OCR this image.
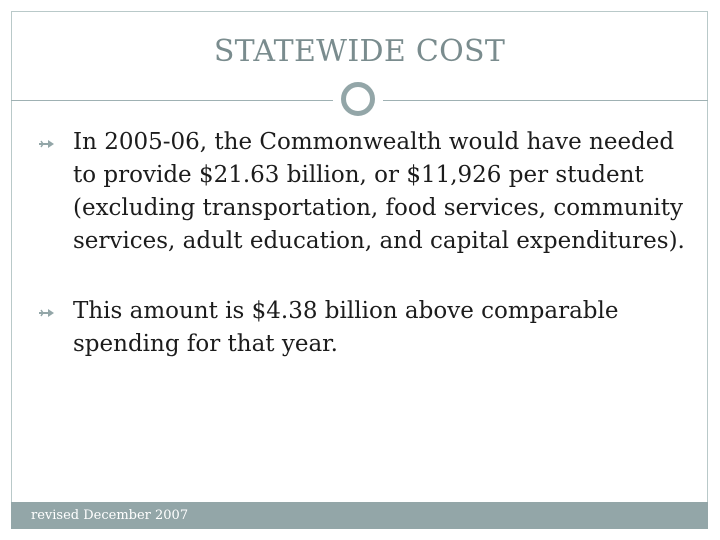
STATEWIDE COST
In 2005-06, the Commonwealth would have needed to provide $21.63 billion, or $11,926 per student (excluding transportation, food services, community services, adult education, and capital expenditures).
This amount is $4.38 billion above comparable spending for that year.
revised December 2007
